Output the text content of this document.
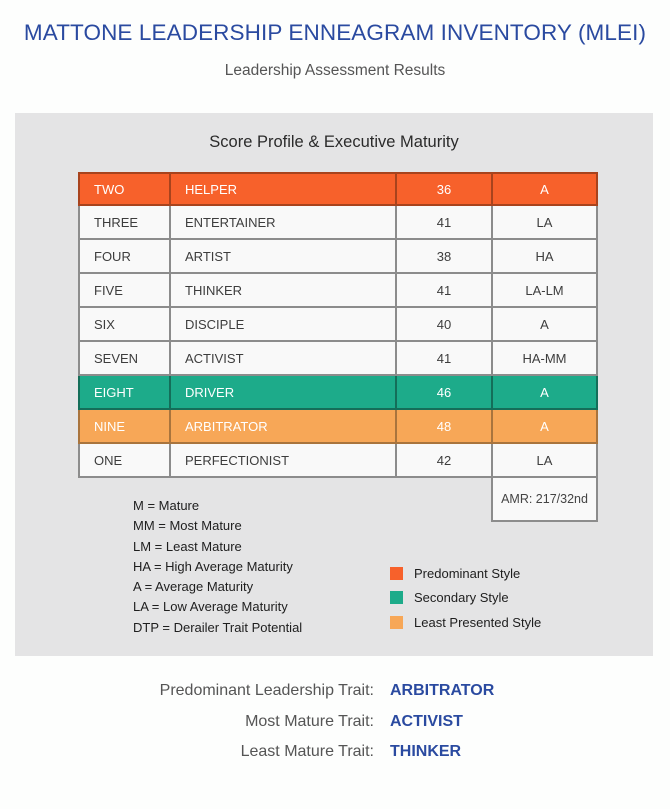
MATTONE LEADERSHIP ENNEAGRAM INVENTORY (MLEI)
Leadership Assessment Results
Score Profile & Executive Maturity
TWO	HELPER	36	A
THREE	ENTERTAINER	41	LA
FOUR	ARTIST	38	HA
FIVE	THINKER	41	LA-LM
SIX	DISCIPLE	40	A
SEVEN	ACTIVIST	41	HA-MM
EIGHT	DRIVER	46	A
NINE	ARBITRATOR	48	A
ONE	PERFECTIONIST	42	LA
AMR: 217/32nd
M = Mature
MM = Most Mature
LM = Least Mature
HA = High Average Maturity
A = Average Maturity
LA = Low Average Maturity
DTP = Derailer Trait Potential
Predominant Style
Secondary Style
Least Presented Style
Predominant Leadership Trait:	ARBITRATOR
Most Mature Trait:	ACTIVIST
Least Mature Trait:	THINKER
